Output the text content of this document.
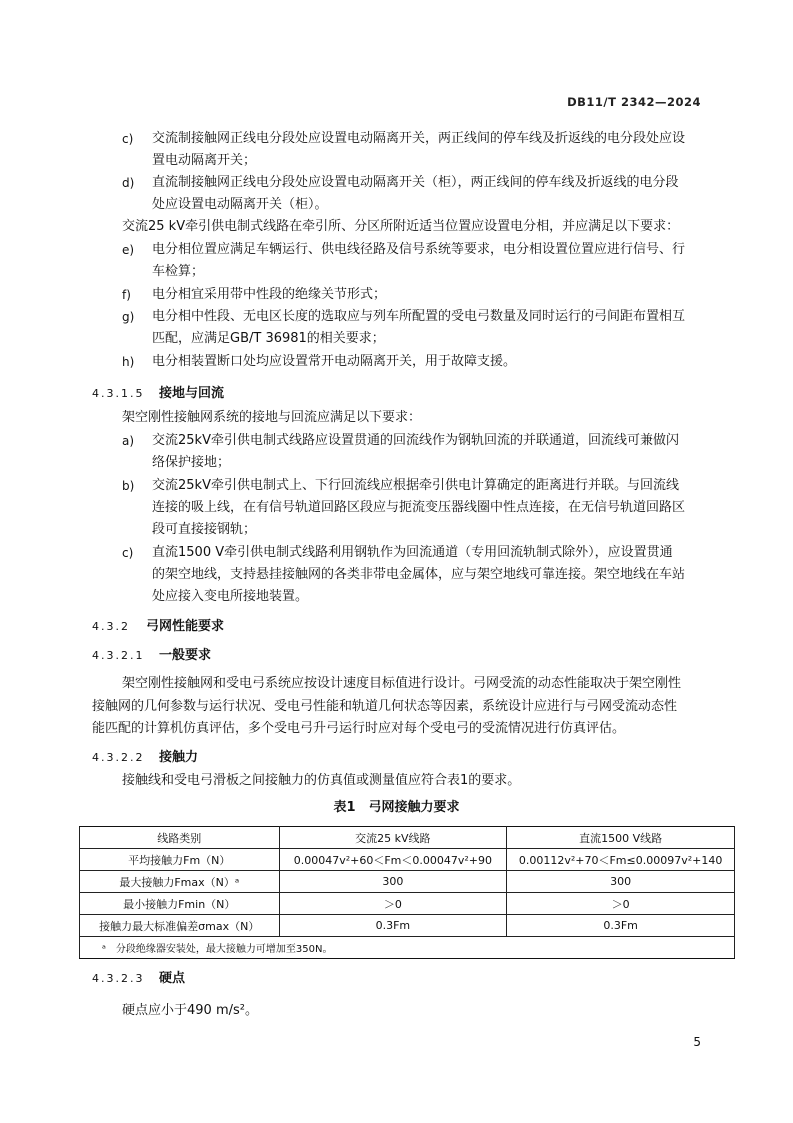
DB11/T 2342—2024
c) 交流制接触网正线电分段处应设置电动隔离开关，两正线间的停车线及折返线的电分段处应设
置电动隔离开关；
d) 直流制接触网正线电分段处应设置电动隔离开关（柜），两正线间的停车线及折返线的电分段
处应设置电动隔离开关（柜）。
交流25 kV牵引供电制式线路在牵引所、分区所附近适当位置应设置电分相，并应满足以下要求：
e) 电分相位置应满足车辆运行、供电线径路及信号系统等要求，电分相设置位置应进行信号、行
车检算；
f) 电分相宜采用带中性段的绝缘关节形式；
g) 电分相中性段、无电区长度的选取应与列车所配置的受电弓数量及同时运行的弓间距布置相互
匹配，应满足GB/T 36981的相关要求；
h) 电分相装置断口处均应设置常开电动隔离开关，用于故障支援。
4.3.1.5 接地与回流
架空刚性接触网系统的接地与回流应满足以下要求：
a) 交流25kV牵引供电制式线路应设置贯通的回流线作为钢轨回流的并联通道，回流线可兼做闪
络保护接地；
b) 交流25kV牵引供电制式上、下行回流线应根据牵引供电计算确定的距离进行并联。与回流线
连接的吸上线，在有信号轨道回路区段应与扼流变压器线圈中性点连接，在无信号轨道回路区
段可直接接钢轨；
c) 直流1500 V牵引供电制式线路利用钢轨作为回流通道（专用回流轨制式除外），应设置贯通
的架空地线，支持悬挂接触网的各类非带电金属体，应与架空地线可靠连接。架空地线在车站
处应接入变电所接地装置。
4.3.2 弓网性能要求
4.3.2.1 一般要求
架空刚性接触网和受电弓系统应按设计速度目标值进行设计。弓网受流的动态性能取决于架空刚性
接触网的几何参数与运行状况、受电弓性能和轨道几何状态等因素，系统设计应进行与弓网受流动态性
能匹配的计算机仿真评估，多个受电弓升弓运行时应对每个受电弓的受流情况进行仿真评估。
4.3.2.2 接触力
接触线和受电弓滑板之间接触力的仿真值或测量值应符合表1的要求。
表1　弓网接触力要求
线路类别	交流25 kV线路	直流1500 V线路
平均接触力Fm（N）	0.00047v²+60＜Fm＜0.00047v²+90	0.00112v²+70＜Fm≤0.00097v²+140
最大接触力Fmax（N）ᵃ	300	300
最小接触力Fmin（N）	＞0	＞0
接触力最大标准偏差σmax（N）	0.3Fm	0.3Fm
ᵃ　分段绝缘器安装处，最大接触力可增加至350N。		
4.3.2.3 硬点
硬点应小于490 m/s²。
5
